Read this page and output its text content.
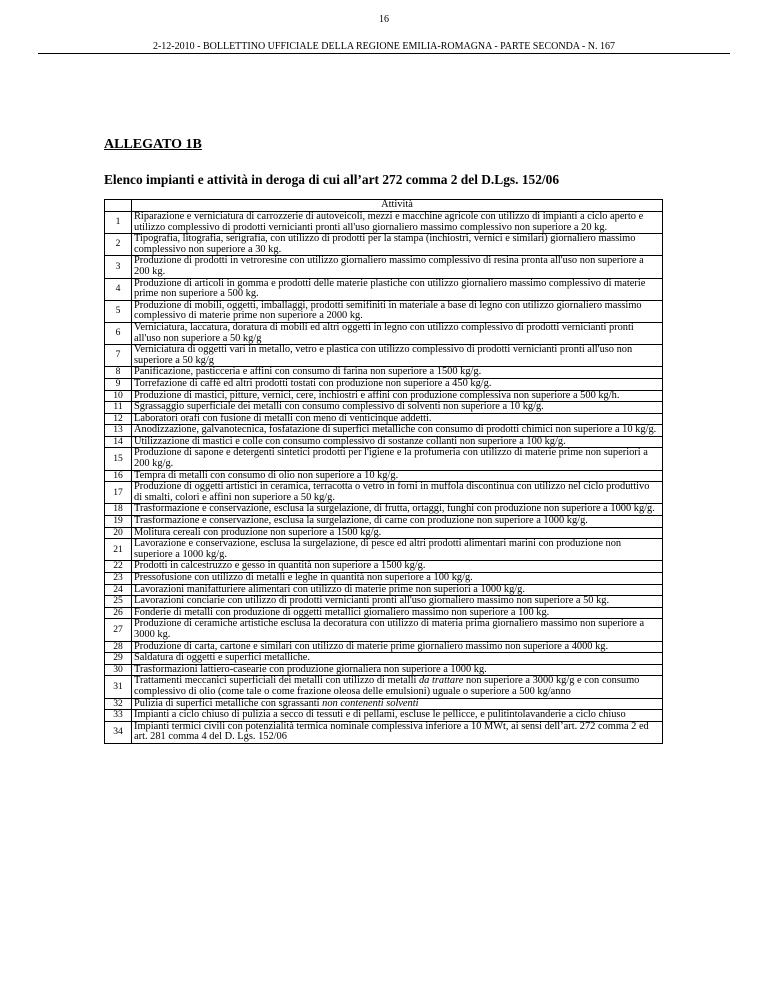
16
2-12-2010 - BOLLETTINO UFFICIALE DELLA REGIONE EMILIA-ROMAGNA - PARTE SECONDA - N. 167
ALLEGATO 1B
Elenco impianti e attività in deroga di cui all’art 272 comma 2 del D.Lgs. 152/06
	Attività
1	Riparazione e verniciatura di carrozzerie di autoveicoli, mezzi e macchine agricole con utilizzo di impianti a ciclo aperto e utilizzo complessivo di prodotti vernicianti pronti all'uso giornaliero massimo complessivo non superiore a 20 kg.
2	Tipografia, litografia, serigrafia, con utilizzo di prodotti per la stampa (inchiostri, vernici e similari) giornaliero massimo complessivo non superiore a 30 kg.
3	Produzione di prodotti in vetroresine con utilizzo giornaliero massimo complessivo di resina pronta all'uso non superiore a 200 kg.
4	Produzione di articoli in gomma e prodotti delle materie plastiche con utilizzo giornaliero massimo complessivo di materie prime non superiore a 500 kg.
5	Produzione di mobili, oggetti, imballaggi, prodotti semifiniti in materiale a base di legno con utilizzo giornaliero massimo complessivo di materie prime non superiore a 2000 kg.
6	Verniciatura, laccatura, doratura di mobili ed altri oggetti in legno con utilizzo complessivo di prodotti vernicianti pronti all'uso non superiore a 50 kg/g
7	Verniciatura di oggetti vari in metallo, vetro e plastica con utilizzo complessivo di prodotti vernicianti pronti all'uso non superiore a 50 kg/g
8	Panificazione, pasticceria e affini con consumo di farina non superiore a 1500 kg/g.
9	Torrefazione di caffè ed altri prodotti tostati con produzione non superiore a 450 kg/g.
10	Produzione di mastici, pitture, vernici, cere, inchiostri e affini con produzione complessiva non superiore a 500 kg/h.
11	Sgrassaggio superficiale dei metalli con consumo complessivo di solventi non superiore a 10 kg/g.
12	Laboratori orafi con fusione di metalli con meno di venticinque addetti.
13	Anodizzazione, galvanotecnica, fosfatazione di superfici metalliche con consumo di prodotti chimici non superiore a 10 kg/g.
14	Utilizzazione di mastici e colle con consumo complessivo di sostanze collanti non superiore a 100 kg/g.
15	Produzione di sapone e detergenti sintetici prodotti per l'igiene e la profumeria con utilizzo di materie prime non superiori a 200 kg/g.
16	Tempra di metalli con consumo di olio non superiore a 10 kg/g.
17	Produzione di oggetti artistici in ceramica, terracotta o vetro in forni in muffola discontinua con utilizzo nel ciclo produttivo di smalti, colori e affini non superiore a 50 kg/g.
18	Trasformazione e conservazione, esclusa la surgelazione, di frutta, ortaggi, funghi con produzione non superiore a 1000 kg/g.
19	Trasformazione e conservazione, esclusa la surgelazione, di carne con produzione non superiore a 1000 kg/g.
20	Molitura cereali con produzione non superiore a 1500 kg/g.
21	Lavorazione e conservazione, esclusa la surgelazione, di pesce ed altri prodotti alimentari marini con produzione non superiore a 1000 kg/g.
22	Prodotti in calcestruzzo e gesso in quantità non superiore a 1500 kg/g.
23	Pressofusione con utilizzo di metalli e leghe in quantità non superiore a 100 kg/g.
24	Lavorazioni manifatturiere alimentari con utilizzo di materie prime non superiori a 1000 kg/g.
25	Lavorazioni conciarie con utilizzo di prodotti vernicianti pronti all'uso giornaliero massimo non superiore a 50 kg.
26	Fonderie di metalli con produzione di oggetti metallici giornaliero massimo non superiore a 100 kg.
27	Produzione di ceramiche artistiche esclusa la decoratura con utilizzo di materia prima giornaliero massimo non superiore a 3000 kg.
28	Produzione di carta, cartone e similari con utilizzo di materie prime giornaliero massimo non superiore a 4000 kg.
29	Saldatura di oggetti e superfici metalliche.
30	Trasformazioni lattiero-casearie con produzione giornaliera non superiore a 1000 kg.
31	Trattamenti meccanici superficiali dei metalli con utilizzo di metalli da trattare non superiore a 3000 kg/g e con consumo complessivo di olio (come tale o come frazione oleosa delle emulsioni) uguale o superiore a 500 kg/anno
32	Pulizia di superfici metalliche con sgrassanti non contenenti solventi
33	Impianti a ciclo chiuso di pulizia a secco di tessuti e di pellami, escluse le pellicce, e pulitintolavanderie a ciclo chiuso
34	Impianti termici civili con potenzialità termica nominale complessiva inferiore a 10 MWt, ai sensi dell’art. 272 comma 2 ed art. 281 comma 4 del D. Lgs. 152/06
